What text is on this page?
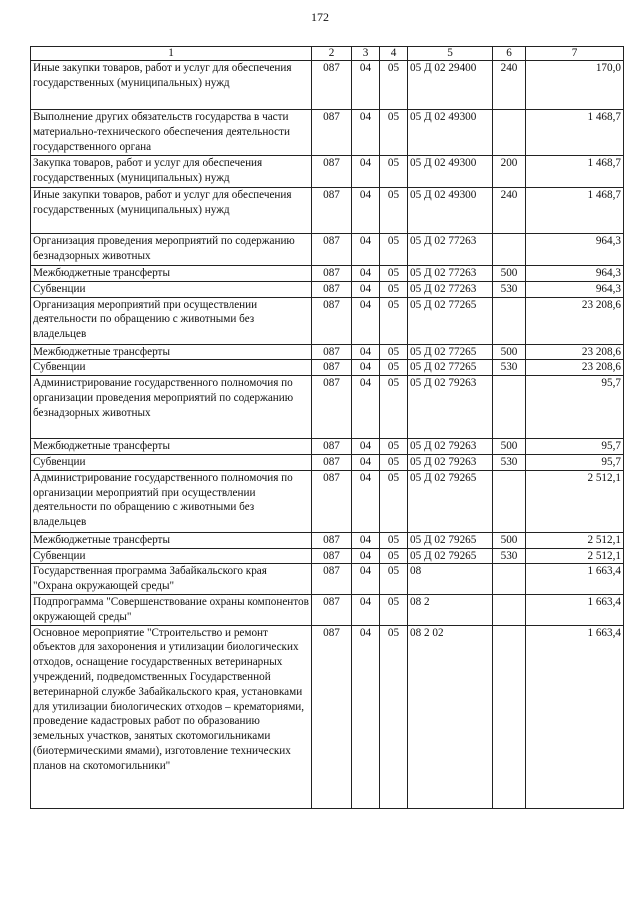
172
1	2	3	4	5	6	7
Иные закупки товаров, работ и услуг для обеспечения государственных (муниципальных) нужд	087	04	05	05 Д 02 29400	240	170,0
Выполнение других обязательств государства в части материально-технического обеспечения деятельности государственного органа	087	04	05	05 Д 02 49300		1 468,7
Закупка товаров, работ и услуг для обеспечения государственных (муниципальных) нужд	087	04	05	05 Д 02 49300	200	1 468,7
Иные закупки товаров, работ и услуг для обеспечения государственных (муниципальных) нужд	087	04	05	05 Д 02 49300	240	1 468,7
Организация проведения мероприятий по содержанию безнадзорных животных	087	04	05	05 Д 02 77263		964,3
Межбюджетные трансферты	087	04	05	05 Д 02 77263	500	964,3
Субвенции	087	04	05	05 Д 02 77263	530	964,3
Организация мероприятий при осуществлении деятельности по обращению с животными без владельцев	087	04	05	05 Д 02 77265		23 208,6
Межбюджетные трансферты	087	04	05	05 Д 02 77265	500	23 208,6
Субвенции	087	04	05	05 Д 02 77265	530	23 208,6
Администрирование государственного полномочия по организации проведения мероприятий по содержанию безнадзорных животных	087	04	05	05 Д 02 79263		95,7
Межбюджетные трансферты	087	04	05	05 Д 02 79263	500	95,7
Субвенции	087	04	05	05 Д 02 79263	530	95,7
Администрирование государственного полномочия по организации мероприятий при осуществлении деятельности по обращению с животными без владельцев	087	04	05	05 Д 02 79265		2 512,1
Межбюджетные трансферты	087	04	05	05 Д 02 79265	500	2 512,1
Субвенции	087	04	05	05 Д 02 79265	530	2 512,1
Государственная программа Забайкальского края "Охрана окружающей среды"	087	04	05	08		1 663,4
Подпрограмма "Совершенствование охраны компонентов окружающей среды"	087	04	05	08 2		1 663,4
Основное мероприятие "Строительство и ремонт объектов для захоронения и утилизации биологических отходов, оснащение государственных ветеринарных учреждений, подведомственных Государственной ветеринарной службе Забайкальского края, установками для утилизации биологических отходов – крематориями, проведение кадастровых работ по образованию земельных участков, занятых скотомогильниками (биотермическими ямами), изготовление технических планов на скотомогильники"	087	04	05	08 2 02		1 663,4
